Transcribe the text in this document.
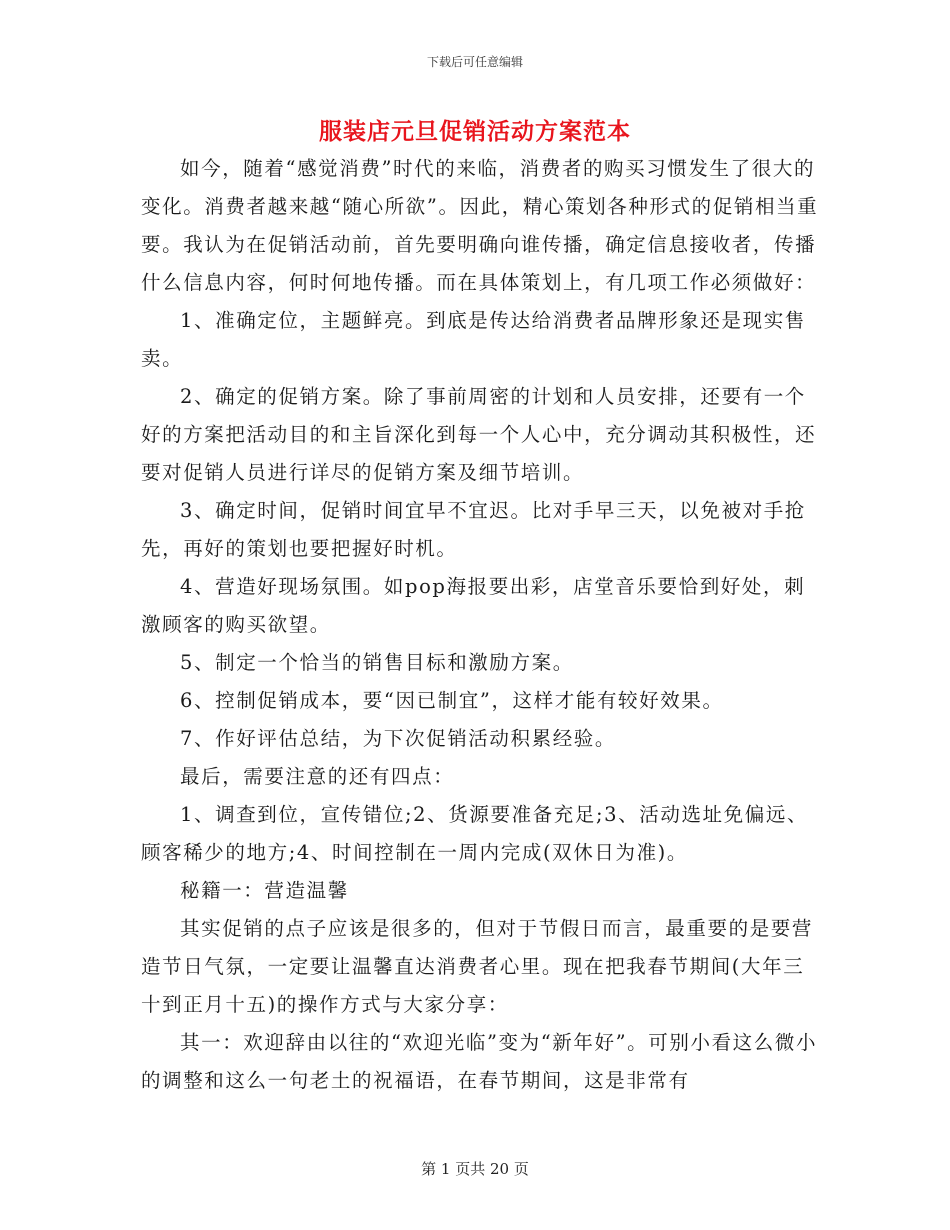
下载后可任意编辑
服装店元旦促销活动方案范本

如今，随着“感觉消费”时代的来临，消费者的购买习惯发生了很大的变化。消费者越来越“随心所欲”。因此，精心策划各种形式的促销相当重要。我认为在促销活动前，首先要明确向谁传播，确定信息接收者，传播什么信息内容，何时何地传播。而在具体策划上，有几项工作必须做好：

1、准确定位，主题鲜亮。到底是传达给消费者品牌形象还是现实售卖。

2、确定的促销方案。除了事前周密的计划和人员安排，还要有一个好的方案把活动目的和主旨深化到每一个人心中，充分调动其积极性，还要对促销人员进行详尽的促销方案及细节培训。

3、确定时间，促销时间宜早不宜迟。比对手早三天，以免被对手抢先，再好的策划也要把握好时机。

4、营造好现场氛围。如pop海报要出彩，店堂音乐要恰到好处，刺激顾客的购买欲望。

5、制定一个恰当的销售目标和激励方案。

6、控制促销成本，要“因已制宜”，这样才能有较好效果。

7、作好评估总结，为下次促销活动积累经验。

最后，需要注意的还有四点：

1、调查到位，宣传错位;2、货源要准备充足;3、活动选址免偏远、顾客稀少的地方;4、时间控制在一周内完成(双休日为准)。

秘籍一：营造温馨

其实促销的点子应该是很多的，但对于节假日而言，最重要的是要营造节日气氛，一定要让温馨直达消费者心里。现在把我春节期间(大年三十到正月十五)的操作方式与大家分享：

其一：欢迎辞由以往的“欢迎光临”变为“新年好”。可别小看这么微小的调整和这么一句老土的祝福语，在春节期间，这是非常有

第 1 页共 20 页
